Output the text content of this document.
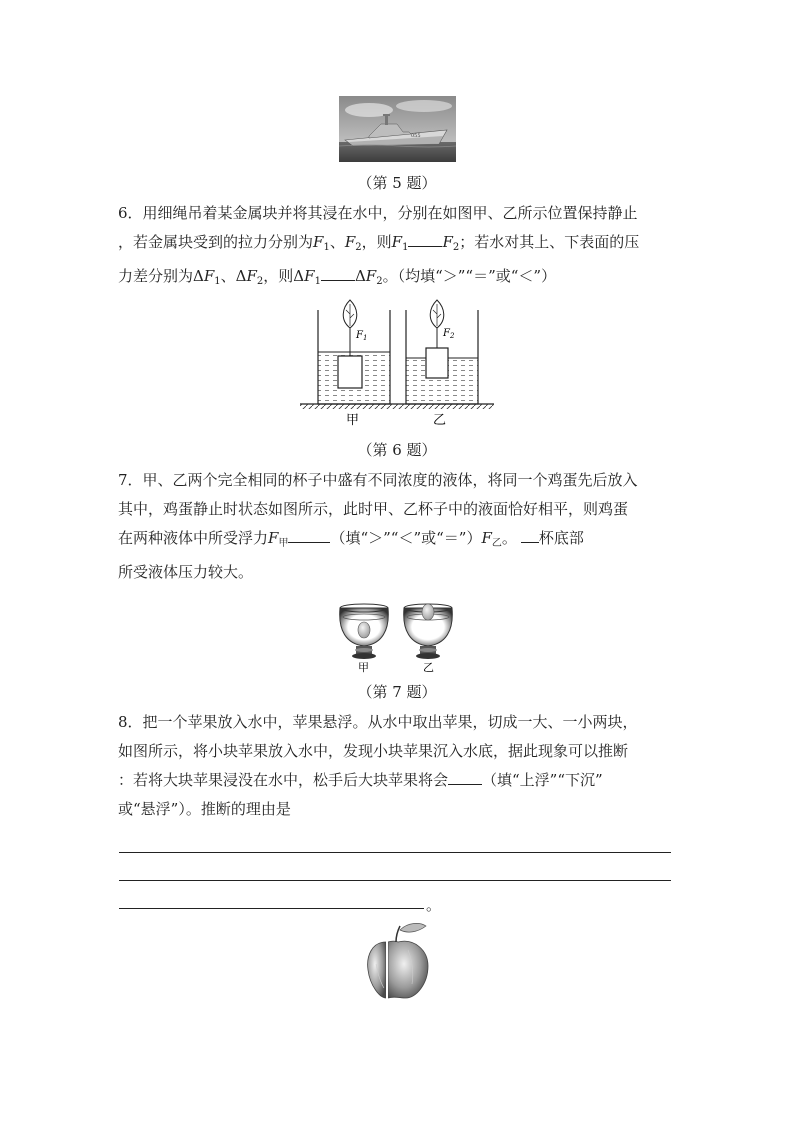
055
（第 5 题）

6．用细绳吊着某金属块并将其浸在水中，分别在如图甲、乙所示位置保持静止

，若金属块受到的拉力分别为$F_1$、$F_2$，则$F_1$ $F_2$；若水对其上、下表面的压

力差分别为$\Delta F_1$、$\Delta F_2$，则$\Delta F_1$ $\Delta F_2$。（均填“＞”“＝”或“＜”）

$F_1$	$F_2$
甲	乙
（第 6 题）

7．甲、乙两个完全相同的杯子中盛有不同浓度的液体，将同一个鸡蛋先后放入

其中，鸡蛋静止时状态如图所示，此时甲、乙杯子中的液面恰好相平，则鸡蛋

在两种液体中所受浮力$F_甲$	（填“＞”“＜”或“$=”)F_乙$。 杯底部

所受液体压力较大。

甲	乙
（第 7 题）

8．把一个苹果放入水中，苹果悬浮。从水中取出苹果，切成一大、一小两块，

如图所示，将小块苹果放入水中，发现小块苹果沉入水底，据此现象可以推断

：若将大块苹果浸没在水中，松手后大块苹果将会 （填“上浮”“下沉”

或“悬浮”）。推断的理由是

。
